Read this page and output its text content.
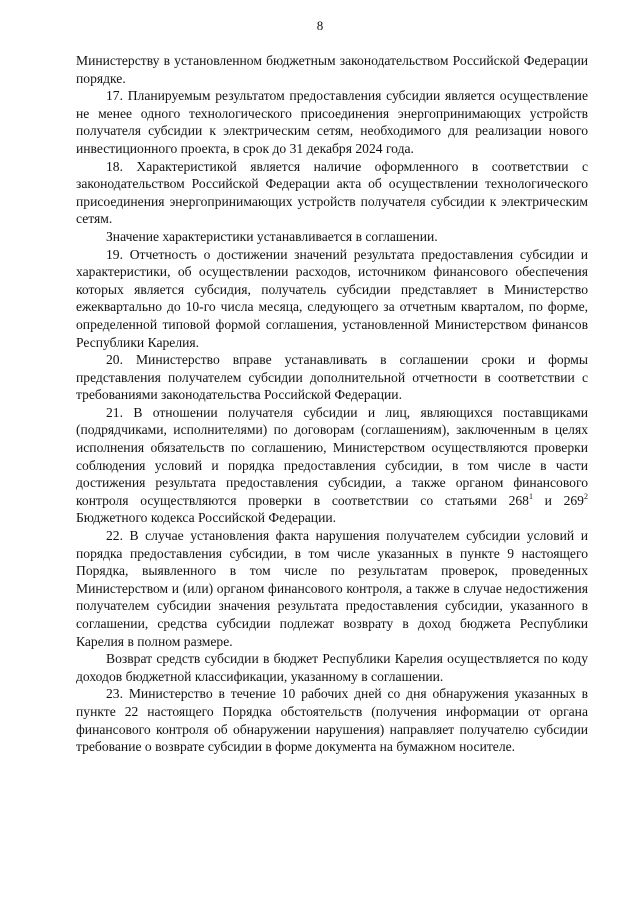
8

Министерству в установленном бюджетным законодательством Российской Федерации порядке.

17. Планируемым результатом предоставления субсидии является осуществление не менее одного технологического присоединения энергопринимающих устройств получателя субсидии к электрическим сетям, необходимого для реализации нового инвестиционного проекта, в срок до 31 декабря 2024 года.

18. Характеристикой является наличие оформленного в соответствии с законодательством Российской Федерации акта об осуществлении технологического присоединения энергопринимающих устройств получателя субсидии к электрическим сетям.

Значение характеристики устанавливается в соглашении.

19. Отчетность о достижении значений результата предоставления субсидии и характеристики, об осуществлении расходов, источником финансового обеспечения которых является субсидия, получатель субсидии представляет в Министерство ежеквартально до 10-го числа месяца, следующего за отчетным кварталом, по форме, определенной типовой формой соглашения, установленной Министерством финансов Республики Карелия.

20. Министерство вправе устанавливать в соглашении сроки и формы представления получателем субсидии дополнительной отчетности в соответствии с требованиями законодательства Российской Федерации.

21. В отношении получателя субсидии и лиц, являющихся поставщиками (подрядчиками, исполнителями) по договорам (соглашениям), заключенным в целях исполнения обязательств по соглашению, Министерством осуществляются проверки соблюдения условий и порядка предоставления субсидии, в том числе в части достижения результата предоставления субсидии, а также органом финансового контроля осуществляются проверки в соответствии со статьями $268^1$ и $269^2$ Бюджетного кодекса Российской Федерации.

22. В случае установления факта нарушения получателем субсидии условий и порядка предоставления субсидии, в том числе указанных в пункте 9 настоящего Порядка, выявленного в том числе по результатам проверок, проведенных Министерством и (или) органом финансового контроля, а также в случае недостижения получателем субсидии значения результата предоставления субсидии, указанного в соглашении, средства субсидии подлежат возврату в доход бюджета Республики Карелия в полном размере.

Возврат средств субсидии в бюджет Республики Карелия осуществляется по коду доходов бюджетной классификации, указанному в соглашении.

23. Министерство в течение 10 рабочих дней со дня обнаружения указанных в пункте 22 настоящего Порядка обстоятельств (получения информации от органа финансового контроля об обнаружении нарушения) направляет получателю субсидии требование о возврате субсидии в форме документа на бумажном носителе.
